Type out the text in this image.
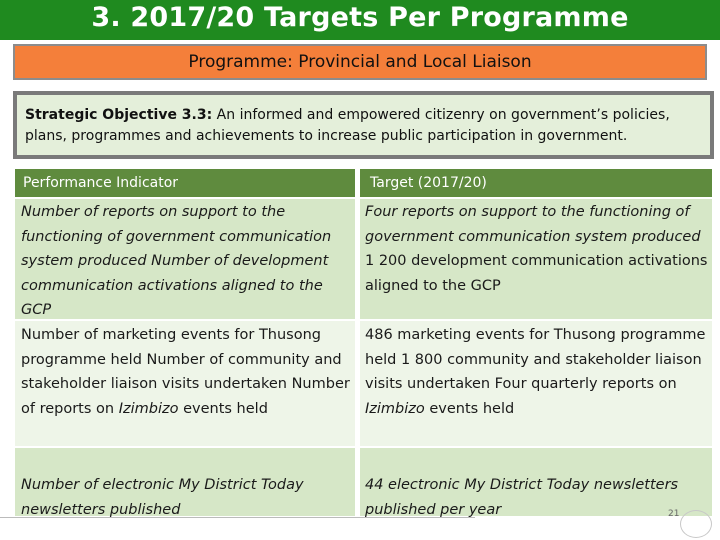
3. 2017/20 Targets Per Programme
Programme: Provincial and Local Liaison
Strategic Objective 3.3: An informed and empowered citizenry on government’s policies, plans, programmes and achievements to increase public participation in government.
Performance Indicator	Target (2017/20)
Number of reports on support to the functioning of government communication system produced Number of development communication activations aligned to the GCP
Four reports on support to the functioning of government communication system produced
1 200 development communication activations aligned to the GCP
Number of marketing events for Thusong programme held Number of community and stakeholder liaison visits undertaken Number of reports on Izimbizo events held
486 marketing events for Thusong programme held 1 800 community and stakeholder liaison visits undertaken Four quarterly reports on Izimbizo events held
Number of electronic My District Today newsletters published
44 electronic My District Today newsletters published per year	21
